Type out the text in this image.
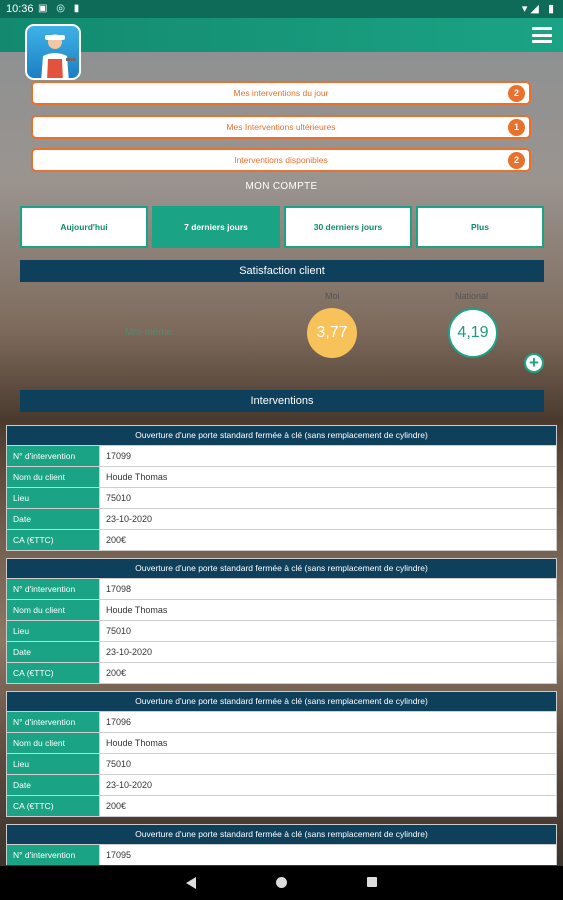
10:36 ▣ ◎ ▮	▾◢ ▮
Mes interventions du jour	2
Mes Interventions ultérieures	1
Interventions disponibles	2
MON COMPTE
Aujourd'hui	7 derniers jours	30 derniers jours	Plus
Satisfaction client
Moi-même
Moi	National
3,77	4,19
+
Interventions
Ouverture d'une porte standard fermée à clé (sans remplacement de cylindre)
N° d'intervention	17099
Nom du client	Houde Thomas
Lieu	75010
Date	23-10-2020
CA (€TTC)	200€
Ouverture d'une porte standard fermée à clé (sans remplacement de cylindre)
N° d'intervention	17098
Nom du client	Houde Thomas
Lieu	75010
Date	23-10-2020
CA (€TTC)	200€
Ouverture d'une porte standard fermée à clé (sans remplacement de cylindre)
N° d'intervention	17096
Nom du client	Houde Thomas
Lieu	75010
Date	23-10-2020
CA (€TTC)	200€
Ouverture d'une porte standard fermée à clé (sans remplacement de cylindre)
N° d'intervention	17095
